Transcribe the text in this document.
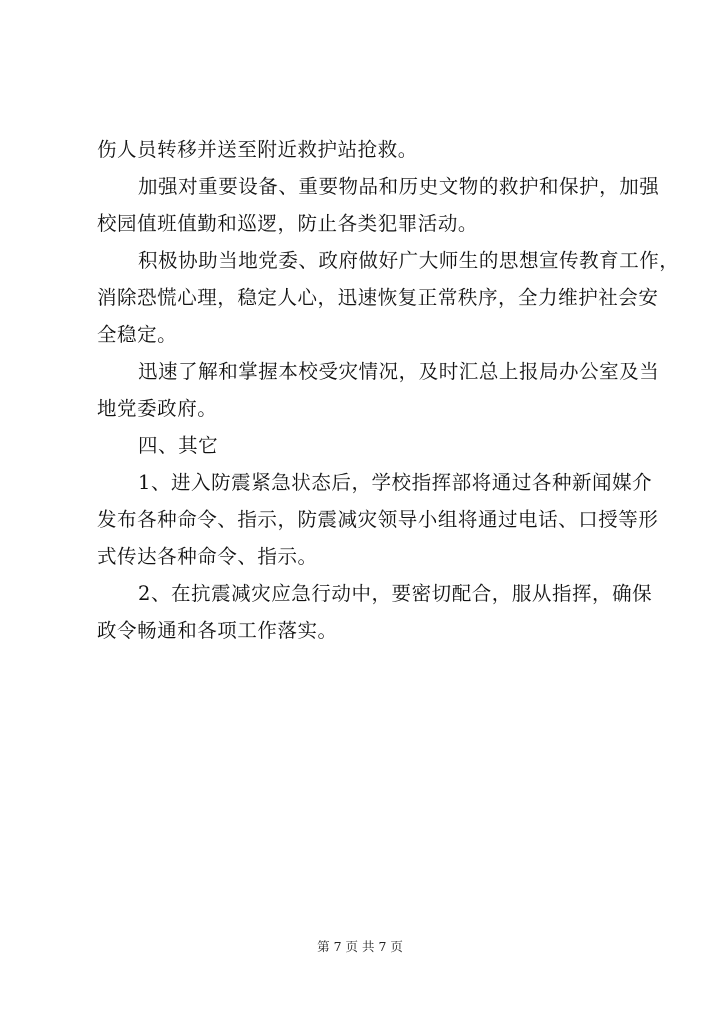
伤人员转移并送至附近救护站抢救。
加强对重要设备、重要物品和历史文物的救护和保护，加强
校园值班值勤和巡逻，防止各类犯罪活动。
积极协助当地党委、政府做好广大师生的思想宣传教育工作，
消除恐慌心理，稳定人心，迅速恢复正常秩序，全力维护社会安
全稳定。
迅速了解和掌握本校受灾情况，及时汇总上报局办公室及当
地党委政府。
四、其它
1、进入防震紧急状态后，学校指挥部将通过各种新闻媒介
发布各种命令、指示，防震减灾领导小组将通过电话、口授等形
式传达各种命令、指示。
2、在抗震减灾应急行动中，要密切配合，服从指挥，确保
政令畅通和各项工作落实。
第 7 页 共 7 页
